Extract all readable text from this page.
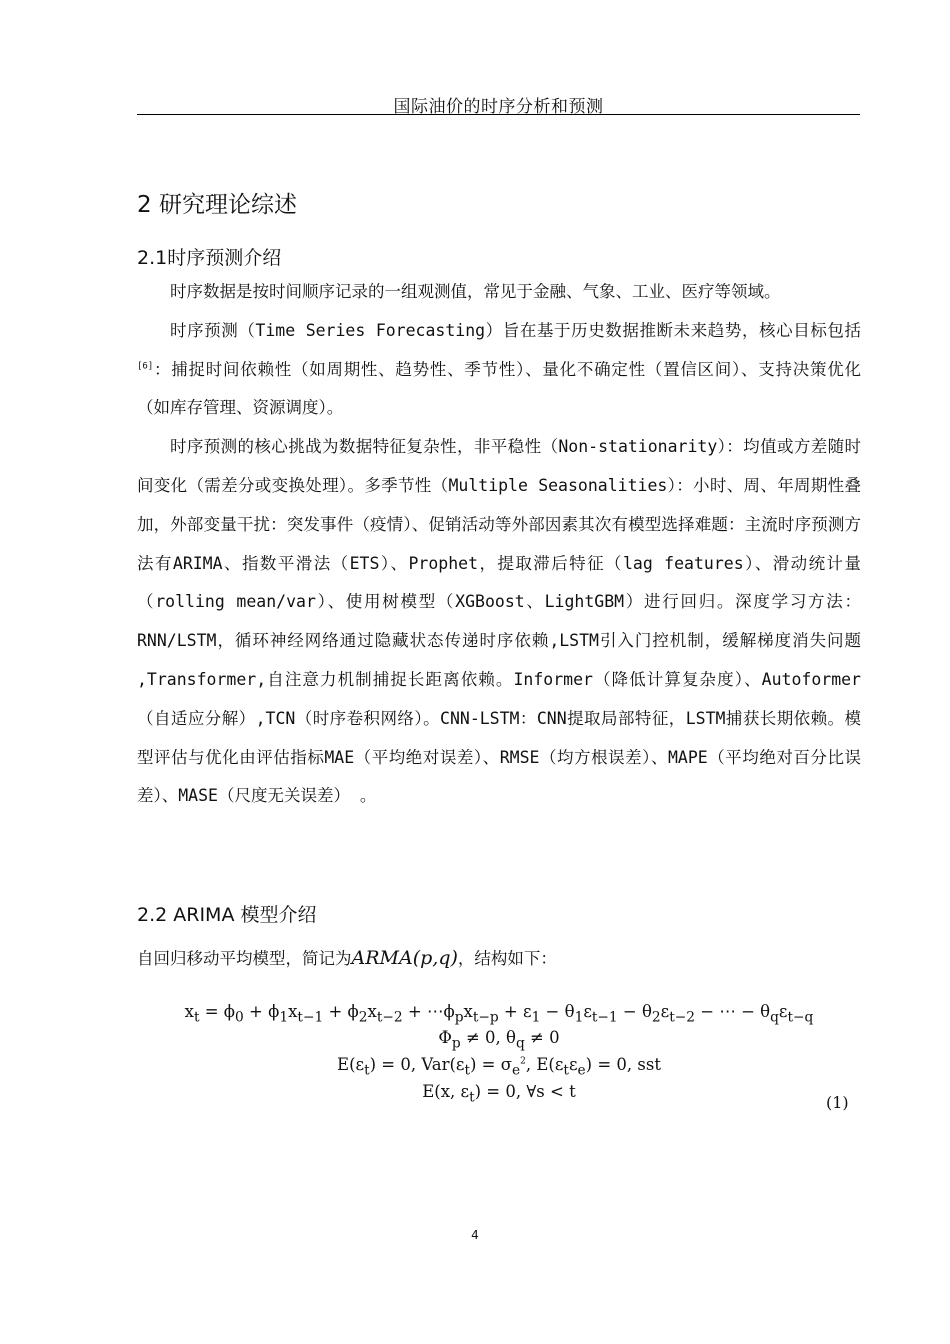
国际油价的时序分析和预测
2 研究理论综述
2.1时序预测介绍

时序数据是按时间顺序记录的一组观测值，常见于金融、气象、工业、医疗等领域。

时序预测（Time Series Forecasting）旨在基于历史数据推断未来趋势，核心目标包括[6]：捕捉时间依赖性（如周期性、趋势性、季节性）、量化不确定性（置信区间）、支持决策优化（如库存管理、资源调度）。

时序预测的核心挑战为数据特征复杂性，非平稳性（Non-stationarity）：均值或方差随时间变化（需差分或变换处理）。多季节性（Multiple Seasonalities）：小时、周、年周期性叠加，外部变量干扰：突发事件（疫情）、促销活动等外部因素其次有模型选择难题：主流时序预测方法有ARIMA、指数平滑法（ETS）、Prophet，提取滞后特征（lag features）、滑动统计量（rolling mean/var）、使用树模型（XGBoost、LightGBM）进行回归。深度学习方法：RNN/LSTM，循环神经网络通过隐藏状态传递时序依赖,LSTM引入门控机制，缓解梯度消失问题 ,Transformer,自注意力机制捕捉长距离依赖。Informer（降低计算复杂度）、Autoformer（自适应分解）,TCN（时序卷积网络）。CNN-LSTM：CNN提取局部特征，LSTM捕获长期依赖。模型评估与优化由评估指标MAE（平均绝对误差）、RMSE（均方根误差）、MAPE（平均绝对百分比误差）、MASE（尺度无关误差） 。

2.2 ARIMA 模型介绍
自回归移动平均模型，简记为ARMA(p,q)，结构如下：
$x_t = \phi_0 + \phi_1x_{t-1} + \phi_2x_{t-2}$ + $\cdots\phi_px_{t-p} + \varepsilon_1 - \theta_1\varepsilon_{t-1} - \theta_2\varepsilon_{t-2}$ − ⋯ − $\theta_q\varepsilon_{t-q}$
$\Phi_p \ne 0$, $\theta_q \ne 0$
$E(\varepsilon_t) = 0$, $Var(\varepsilon_t) = \sigma_e^2$, $E(\varepsilon_t\varepsilon_e) = 0$, sst
E(x, $\varepsilon_t) = 0$, ∀s < t
(1)
4
